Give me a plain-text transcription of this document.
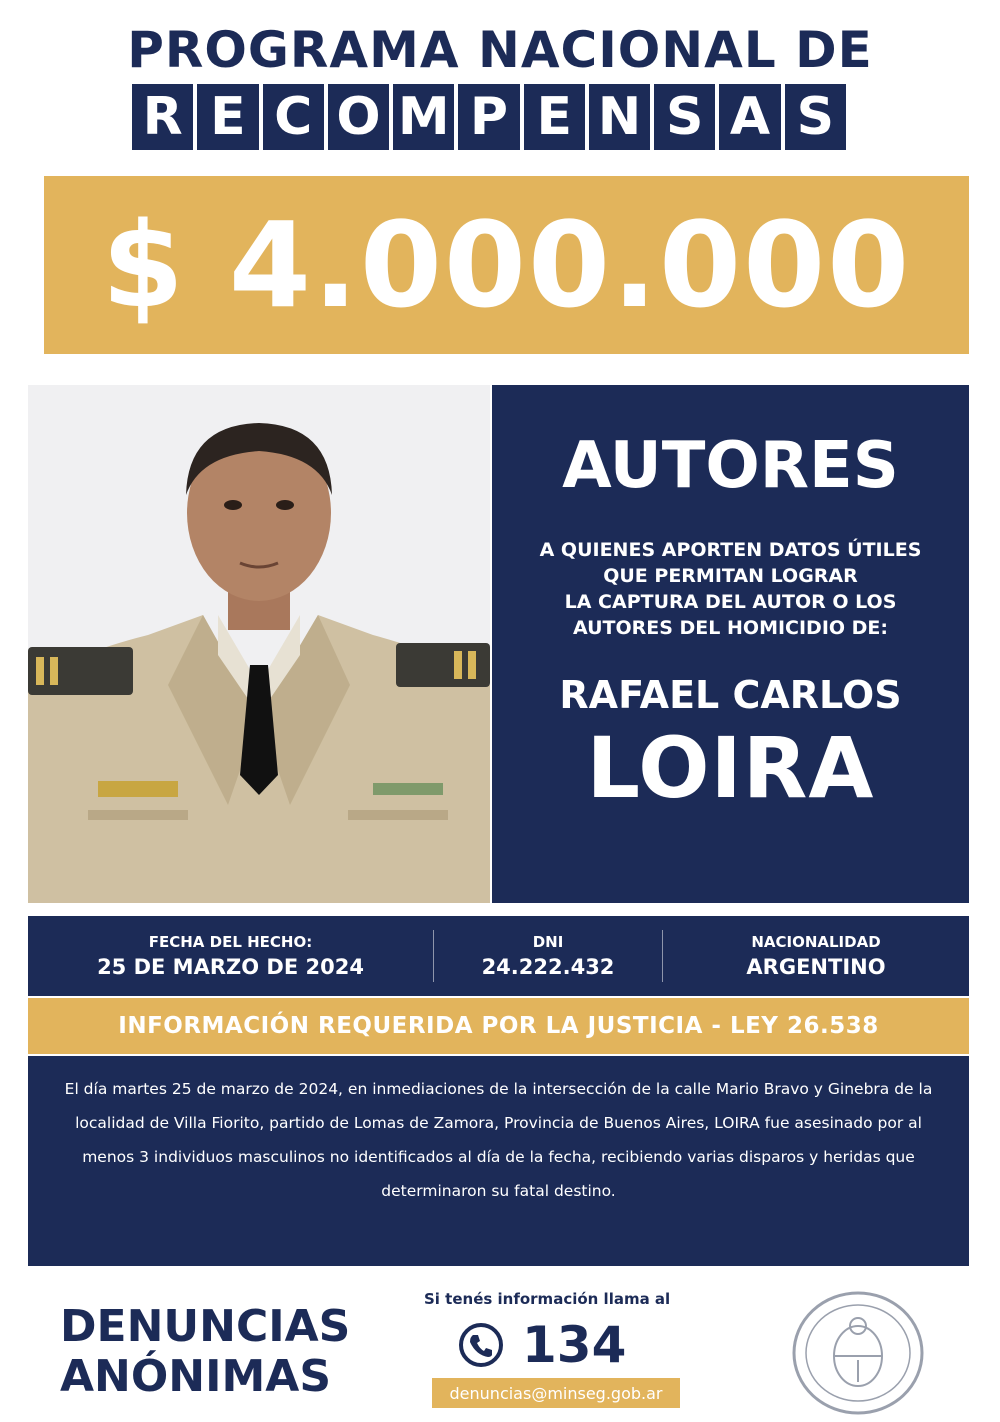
PROGRAMA NACIONAL DE
R E C O M P E N S A S
$ 4.000.000
AUTORES
A QUIENES APORTEN DATOS ÚTILES
QUE PERMITAN LOGRAR
LA CAPTURA DEL AUTOR O LOS
AUTORES DEL HOMICIDIO DE:
RAFAEL CARLOS
LOIRA
FECHA DEL HECHO:
25 DE MARZO DE 2024
DNI
24.222.432
NACIONALIDAD
ARGENTINO
INFORMACIÓN REQUERIDA POR LA JUSTICIA - LEY 26.538

El día martes 25 de marzo de 2024, en inmediaciones de la intersección de la calle Mario Bravo y Ginebra de la localidad de Villa Fiorito, partido de Lomas de Zamora, Provincia de Buenos Aires, LOIRA fue asesinado por al menos 3 individuos masculinos no identificados al día de la fecha, recibiendo varias disparos y heridas que determinaron su fatal destino.

DENUNCIAS
ANÓNIMAS
Si tenés información llama al
134
denuncias@minseg.gob.ar
